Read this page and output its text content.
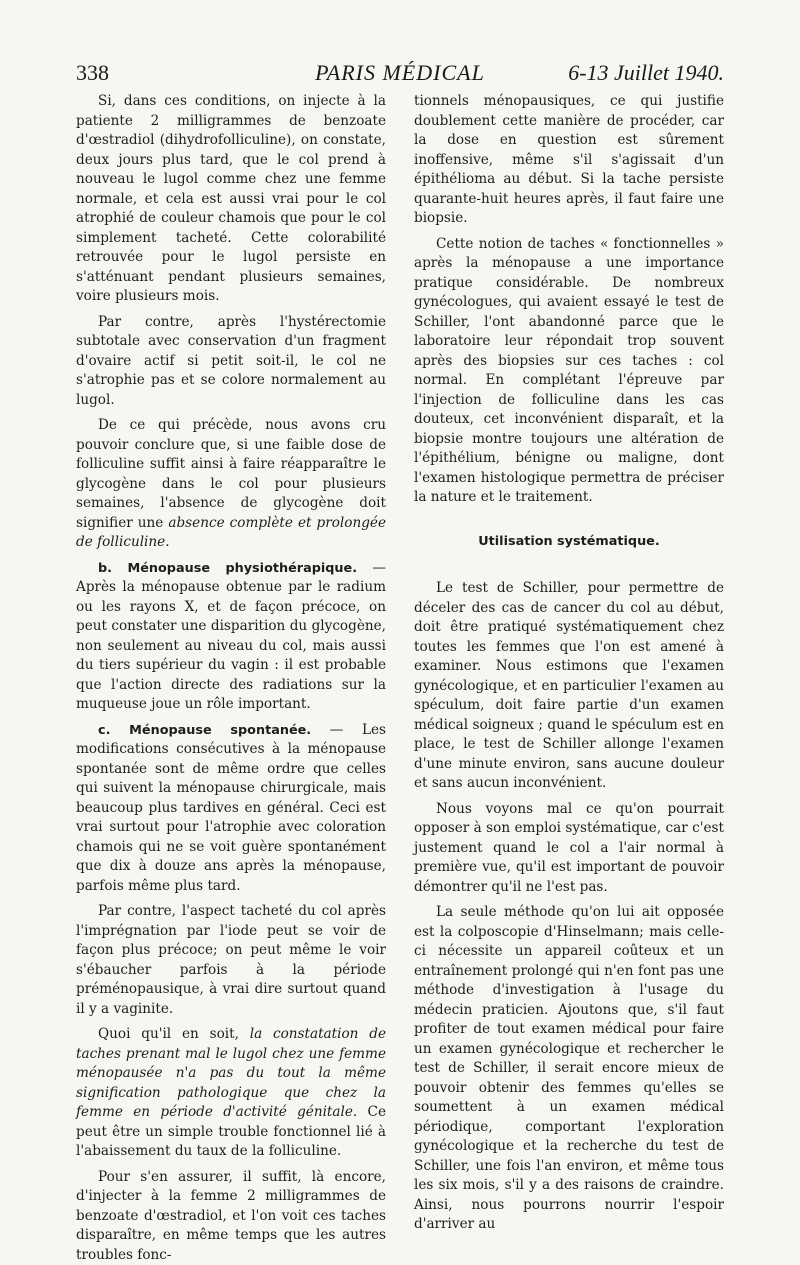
338	PARIS MÉDICAL	6-13 Juillet 1940.

Si, dans ces conditions, on injecte à la patiente 2 milligrammes de benzoate d'œstradiol (dihydrofolliculine), on constate, deux jours plus tard, que le col prend à nouveau le lugol comme chez une femme normale, et cela est aussi vrai pour le col atrophié de couleur chamois que pour le col simplement tacheté. Cette colorabilité retrouvée pour le lugol persiste en s'atténuant pendant plusieurs semaines, voire plusieurs mois.

Par contre, après l'hystérectomie subtotale avec conservation d'un fragment d'ovaire actif si petit soit-il, le col ne s'atrophie pas et se colore normalement au lugol.

De ce qui précède, nous avons cru pouvoir conclure que, si une faible dose de folliculine suffit ainsi à faire réapparaître le glycogène dans le col pour plusieurs semaines, l'absence de glycogène doit signifier une absence complète et prolongée de folliculine.

b. Ménopause physiothérapique. — Après la ménopause obtenue par le radium ou les rayons X, et de façon précoce, on peut constater une disparition du glycogène, non seulement au niveau du col, mais aussi du tiers supérieur du vagin : il est probable que l'action directe des radiations sur la muqueuse joue un rôle important.

c. Ménopause spontanée. — Les modifications consécutives à la ménopause spontanée sont de même ordre que celles qui suivent la ménopause chirurgicale, mais beaucoup plus tardives en général. Ceci est vrai surtout pour l'atrophie avec coloration chamois qui ne se voit guère spontanément que dix à douze ans après la ménopause, parfois même plus tard.

Par contre, l'aspect tacheté du col après l'imprégnation par l'iode peut se voir de façon plus précoce; on peut même le voir s'ébaucher parfois à la période préménopausique, à vrai dire surtout quand il y a vaginite.

Quoi qu'il en soit, la constatation de taches prenant mal le lugol chez une femme ménopausée n'a pas du tout la même signification pathologique que chez la femme en période d'activité génitale. Ce peut être un simple trouble fonctionnel lié à l'abaissement du taux de la folliculine.

Pour s'en assurer, il suffit, là encore, d'injecter à la femme 2 milligrammes de benzoate d'œstradiol, et l'on voit ces taches disparaître, en même temps que les autres troubles fonc-

tionnels ménopausiques, ce qui justifie doublement cette manière de procéder, car la dose en question est sûrement inoffensive, même s'il s'agissait d'un épithélioma au début. Si la tache persiste quarante-huit heures après, il faut faire une biopsie.

Cette notion de taches « fonctionnelles » après la ménopause a une importance pratique considérable. De nombreux gynécologues, qui avaient essayé le test de Schiller, l'ont abandonné parce que le laboratoire leur répondait trop souvent après des biopsies sur ces taches : col normal. En complétant l'épreuve par l'injection de folliculine dans les cas douteux, cet inconvénient disparaît, et la biopsie montre toujours une altération de l'épithélium, bénigne ou maligne, dont l'examen histologique permettra de préciser la nature et le traitement.

Utilisation systématique.

Le test de Schiller, pour permettre de déceler des cas de cancer du col au début, doit être pratiqué systématiquement chez toutes les femmes que l'on est amené à examiner. Nous estimons que l'examen gynécologique, et en particulier l'examen au spéculum, doit faire partie d'un examen médical soigneux ; quand le spéculum est en place, le test de Schiller allonge l'examen d'une minute environ, sans aucune douleur et sans aucun inconvénient.

Nous voyons mal ce qu'on pourrait opposer à son emploi systématique, car c'est justement quand le col a l'air normal à première vue, qu'il est important de pouvoir démontrer qu'il ne l'est pas.

La seule méthode qu'on lui ait opposée est la colposcopie d'Hinselmann; mais celle-ci nécessite un appareil coûteux et un entraînement prolongé qui n'en font pas une méthode d'investigation à l'usage du médecin praticien. Ajoutons que, s'il faut profiter de tout examen médical pour faire un examen gynécologique et rechercher le test de Schiller, il serait encore mieux de pouvoir obtenir des femmes qu'elles se soumettent à un examen médical périodique, comportant l'exploration gynécologique et la recherche du test de Schiller, une fois l'an environ, et même tous les six mois, s'il y a des raisons de craindre. Ainsi, nous pourrons nourrir l'espoir d'arriver au
